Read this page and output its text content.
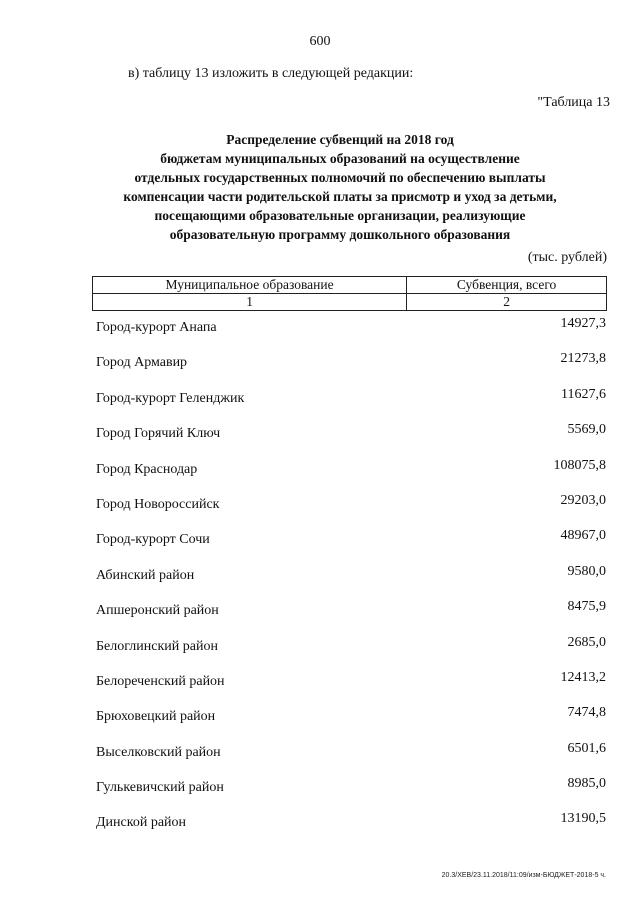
600
в) таблицу 13 изложить в следующей редакции:
"Таблица 13
Распределение субвенций на 2018 год
бюджетам муниципальных образований на осуществление
отдельных государственных полномочий по обеспечению выплаты
компенсации части родительской платы за присмотр и уход за детьми,
посещающими образовательные организации, реализующие
образовательную программу дошкольного образования
(тыс. рублей)
Муниципальное образование	Субвенция, всего
1	2
Город-курорт Анапа	14927,3
Город Армавир	21273,8
Город-курорт Геленджик	11627,6
Город Горячий Ключ	5569,0
Город Краснодар	108075,8
Город Новороссийск	29203,0
Город-курорт Сочи	48967,0
Абинский район	9580,0
Апшеронский район	8475,9
Белоглинский район	2685,0
Белореченский район	12413,2
Брюховецкий район	7474,8
Выселковский район	6501,6
Гулькевичский район	8985,0
Динской район	13190,5
20.3/ХЕВ/23.11.2018/11:09/изм-БЮДЖЕТ-2018-5 ч.
